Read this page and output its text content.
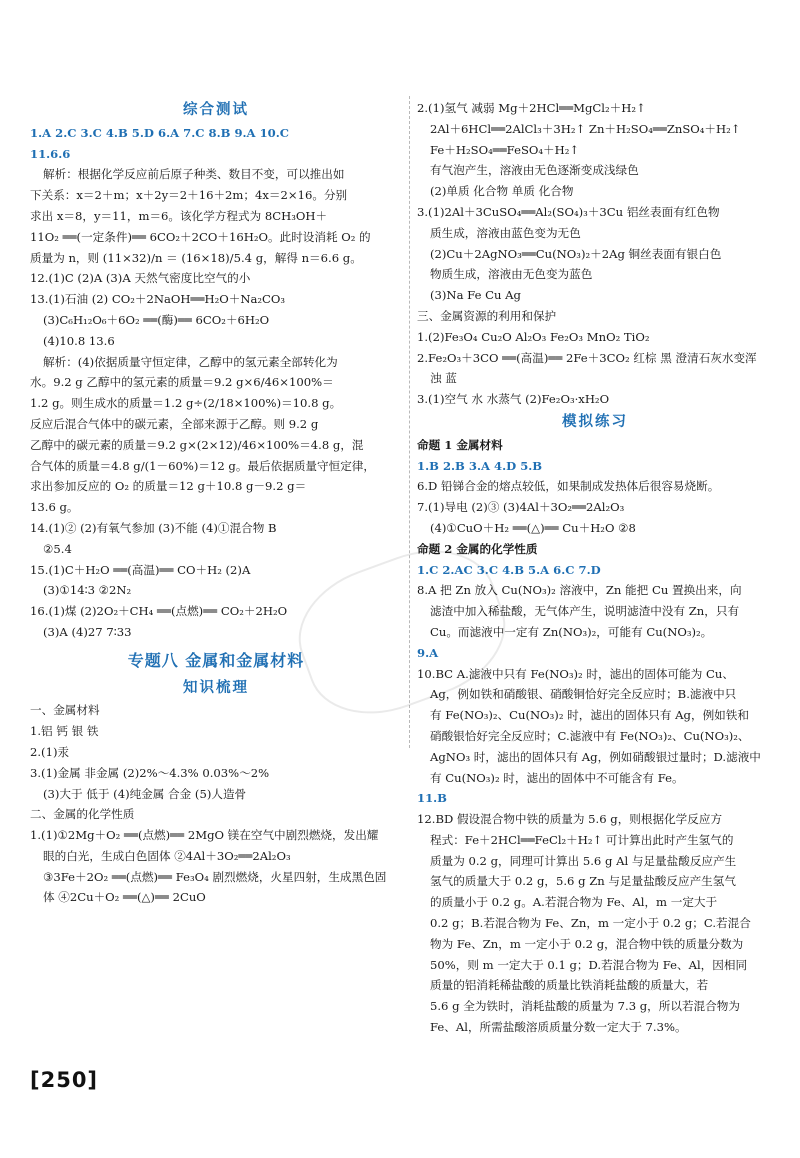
综合测试
1.A 2.C 3.C 4.B 5.D 6.A 7.C 8.B 9.A 10.C
11.6.6
解析：根据化学反应前后原子种类、数目不变，可以推出如
下关系：x＝2＋m；x＋2y＝2＋16＋2m；4x＝2×16。分别
求出 x＝8，y＝11，m＝6。该化学方程式为 8CH₃OH＋
11O₂ ══(一定条件)══ 6CO₂＋2CO＋16H₂O。此时设消耗 O₂ 的
质量为 n，则 (11×32)/n ＝ (16×18)/5.4 g，解得 n＝6.6 g。
12.(1)C (2)A (3)A 天然气密度比空气的小
13.(1)石油 (2) CO₂＋2NaOH══H₂O＋Na₂CO₃
(3)C₆H₁₂O₆＋6O₂ ══(酶)══ 6CO₂＋6H₂O
(4)10.8 13.6
解析：(4)依据质量守恒定律，乙醇中的氢元素全部转化为
水。9.2 g 乙醇中的氢元素的质量＝9.2 g×6/46×100%＝
1.2 g。则生成水的质量＝1.2 g÷(2/18×100%)＝10.8 g。
反应后混合气体中的碳元素，全部来源于乙醇。则 9.2 g
乙醇中的碳元素的质量＝9.2 g×(2×12)/46×100%＝4.8 g，混
合气体的质量＝4.8 g/(1－60%)＝12 g。最后依据质量守恒定律，
求出参加反应的 O₂ 的质量＝12 g＋10.8 g－9.2 g＝
13.6 g。
14.(1)② (2)有氧气参加 (3)不能 (4)①混合物 B
②5.4
15.(1)C＋H₂O ══(高温)══ CO＋H₂ (2)A
(3)①14∶3 ②2N₂
16.(1)煤 (2)2O₂＋CH₄ ══(点燃)══ CO₂＋2H₂O
(3)A (4)27 7∶33
专题八 金属和金属材料
知识梳理
一、金属材料
1.铝 钙 银 铁
2.(1)汞
3.(1)金属 非金属 (2)2%～4.3% 0.03%～2%
(3)大于 低于 (4)纯金属 合金 (5)人造骨
二、金属的化学性质
1.(1)①2Mg＋O₂ ══(点燃)══ 2MgO 镁在空气中剧烈燃烧，发出耀
眼的白光，生成白色固体 ②4Al＋3O₂══2Al₂O₃
③3Fe＋2O₂ ══(点燃)══ Fe₃O₄ 剧烈燃烧，火星四射，生成黑色固
体 ④2Cu＋O₂ ══(△)══ 2CuO
2.(1)氢气 减弱 Mg＋2HCl══MgCl₂＋H₂↑
2Al＋6HCl══2AlCl₃＋3H₂↑ Zn＋H₂SO₄══ZnSO₄＋H₂↑
Fe＋H₂SO₄══FeSO₄＋H₂↑
有气泡产生，溶液由无色逐渐变成浅绿色
(2)单质 化合物 单质 化合物
3.(1)2Al＋3CuSO₄══Al₂(SO₄)₃＋3Cu 铝丝表面有红色物
质生成，溶液由蓝色变为无色
(2)Cu＋2AgNO₃══Cu(NO₃)₂＋2Ag 铜丝表面有银白色
物质生成，溶液由无色变为蓝色
(3)Na Fe Cu Ag
三、金属资源的利用和保护
1.(2)Fe₃O₄ Cu₂O Al₂O₃ Fe₂O₃ MnO₂ TiO₂
2.Fe₂O₃＋3CO ══(高温)══ 2Fe＋3CO₂ 红棕 黑 澄清石灰水变浑
浊 蓝
3.(1)空气 水 水蒸气 (2)Fe₂O₃·xH₂O
模拟练习
命题 1 金属材料
1.B 2.B 3.A 4.D 5.B
6.D 铅锑合金的熔点较低，如果制成发热体后很容易烧断。
7.(1)导电 (2)③ (3)4Al＋3O₂══2Al₂O₃
(4)①CuO＋H₂ ══(△)══ Cu＋H₂O ②8
命题 2 金属的化学性质
1.C 2.AC 3.C 4.B 5.A 6.C 7.D
8.A 把 Zn 放入 Cu(NO₃)₂ 溶液中，Zn 能把 Cu 置换出来，向
滤渣中加入稀盐酸，无气体产生，说明滤渣中没有 Zn，只有
Cu。而滤液中一定有 Zn(NO₃)₂，可能有 Cu(NO₃)₂。
9.A
10.BC A.滤液中只有 Fe(NO₃)₂ 时，滤出的固体可能为 Cu、
Ag，例如铁和硝酸银、硝酸铜恰好完全反应时；B.滤液中只
有 Fe(NO₃)₂、Cu(NO₃)₂ 时，滤出的固体只有 Ag，例如铁和
硝酸银恰好完全反应时；C.滤液中有 Fe(NO₃)₂、Cu(NO₃)₂、
AgNO₃ 时，滤出的固体只有 Ag，例如硝酸银过量时；D.滤液中
有 Cu(NO₃)₂ 时，滤出的固体中不可能含有 Fe。
11.B
12.BD 假设混合物中铁的质量为 5.6 g，则根据化学反应方
程式：Fe＋2HCl══FeCl₂＋H₂↑ 可计算出此时产生氢气的
质量为 0.2 g，同理可计算出 5.6 g Al 与足量盐酸反应产生
氢气的质量大于 0.2 g，5.6 g Zn 与足量盐酸反应产生氢气
的质量小于 0.2 g。A.若混合物为 Fe、Al，m 一定大于
0.2 g；B.若混合物为 Fe、Zn，m 一定小于 0.2 g；C.若混合
物为 Fe、Zn，m 一定小于 0.2 g，混合物中铁的质量分数为
50%，则 m 一定大于 0.1 g；D.若混合物为 Fe、Al，因相同
质量的铝消耗稀盐酸的质量比铁消耗盐酸的质量大，若
5.6 g 全为铁时，消耗盐酸的质量为 7.3 g，所以若混合物为
Fe、Al，所需盐酸溶质质量分数一定大于 7.3%。
[250]
